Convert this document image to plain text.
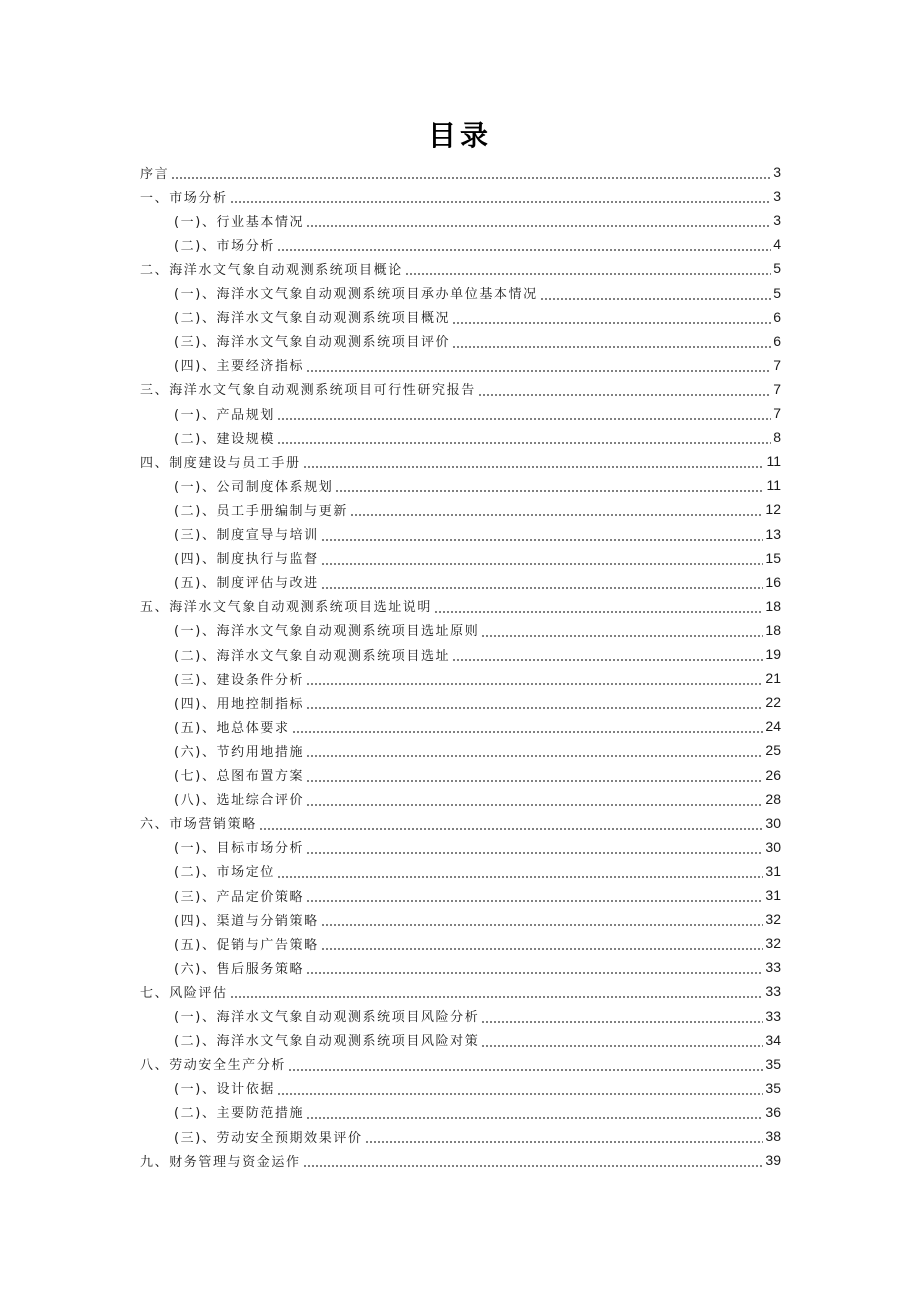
目录
序言	3
一、市场分析	3
(一)、行业基本情况	3
(二)、市场分析	4
二、海洋水文气象自动观测系统项目概论	5
(一)、海洋水文气象自动观测系统项目承办单位基本情况	5
(二)、海洋水文气象自动观测系统项目概况	6
(三)、海洋水文气象自动观测系统项目评价	6
(四)、主要经济指标	7
三、海洋水文气象自动观测系统项目可行性研究报告	7
(一)、产品规划	7
(二)、建设规模	8
四、制度建设与员工手册	11
(一)、公司制度体系规划	11
(二)、员工手册编制与更新	12
(三)、制度宣导与培训	13
(四)、制度执行与监督	15
(五)、制度评估与改进	16
五、海洋水文气象自动观测系统项目选址说明	18
(一)、海洋水文气象自动观测系统项目选址原则	18
(二)、海洋水文气象自动观测系统项目选址	19
(三)、建设条件分析	21
(四)、用地控制指标	22
(五)、地总体要求	24
(六)、节约用地措施	25
(七)、总图布置方案	26
(八)、选址综合评价	28
六、市场营销策略	30
(一)、目标市场分析	30
(二)、市场定位	31
(三)、产品定价策略	31
(四)、渠道与分销策略	32
(五)、促销与广告策略	32
(六)、售后服务策略	33
七、风险评估	33
(一)、海洋水文气象自动观测系统项目风险分析	33
(二)、海洋水文气象自动观测系统项目风险对策	34
八、劳动安全生产分析	35
(一)、设计依据	35
(二)、主要防范措施	36
(三)、劳动安全预期效果评价	38
九、财务管理与资金运作	39
